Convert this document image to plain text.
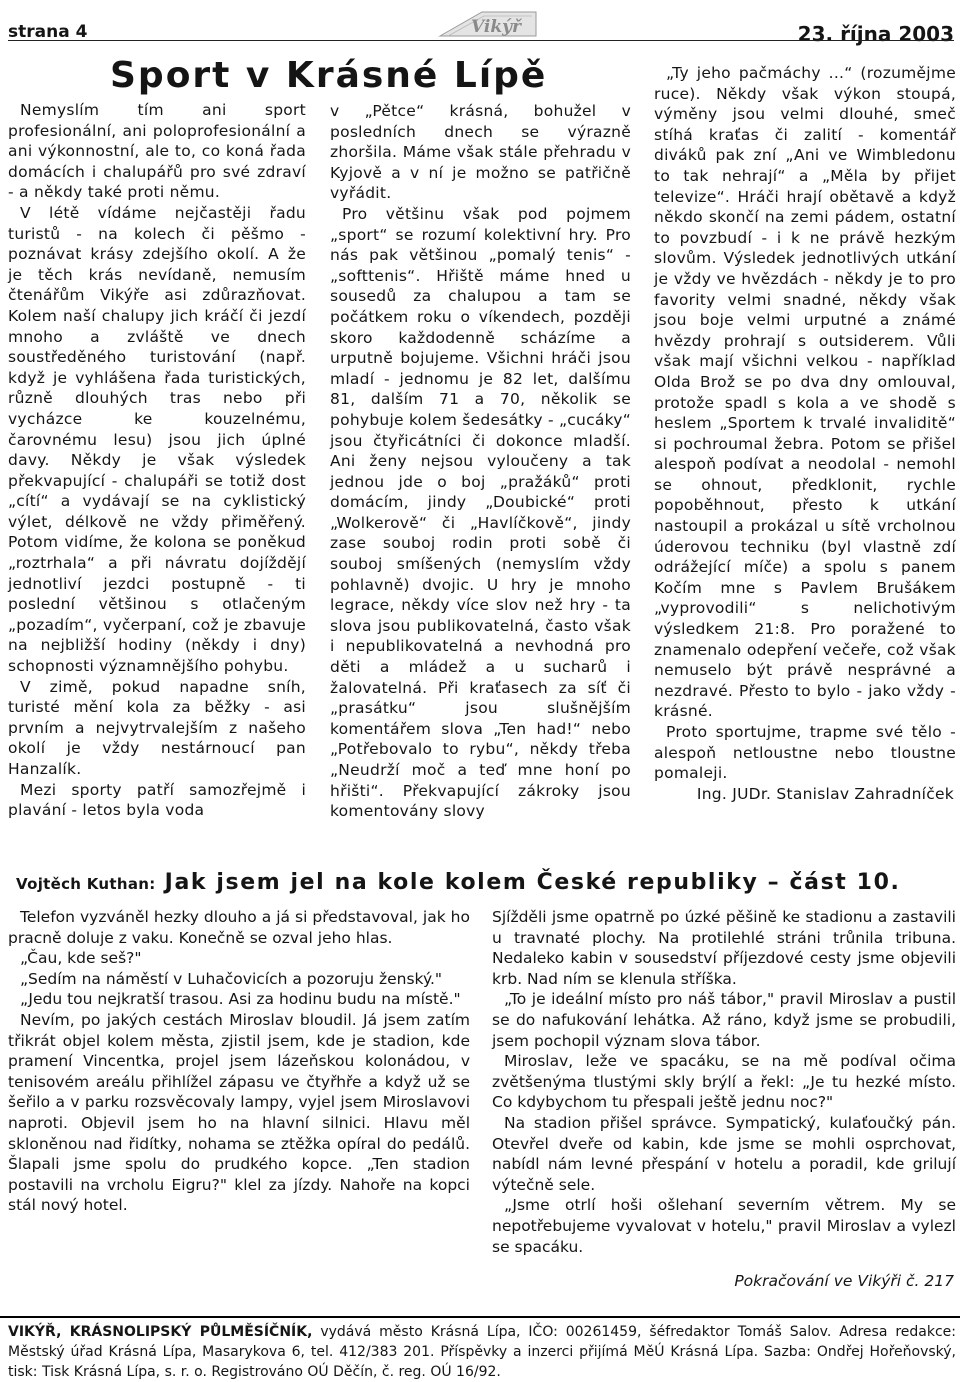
strana 4	Vikýř	23. října 2003
Sport v Krásné Lípě

Nemyslím tím ani sport profesionální, ani poloprofesionální a ani výkonnostní, ale to, co koná řada domácích i chalupářů pro své zdraví - a někdy také proti němu.

V létě vídáme nejčastěji řadu turistů - na kolech či pěšmo - poznávat krásy zdejšího okolí. A že je těch krás nevídaně, nemusím čtenářům Vikýře asi zdůrazňovat. Kolem naší chalupy jich kráčí či jezdí mnoho a zvláště ve dnech soustředěného turistování (např. když je vyhlášena řada turistických, různě dlouhých tras nebo při vycházce ke kouzelnému, čarovnému lesu) jsou jich úplné davy. Někdy je však výsledek překvapující - chalupáři se totiž dost „cítí“ a vydávají se na cyklistický výlet, délkově ne vždy přiměřený. Potom vidíme, že kolona se poněkud „roztrhala“ a při návratu dojíždějí jednotliví jezdci postupně - ti poslední většinou s otlačeným „pozadím“, vyčerpaní, což je zbavuje na nejbližší hodiny (někdy i dny) schopnosti významnějšího pohybu.

V zimě, pokud napadne sníh, turisté mění kola za běžky - asi prvním a nejvytrvalejším z našeho okolí je vždy nestárnoucí pan Hanzalík.

Mezi sporty patří samozřejmě i plavání - letos byla voda

v „Pětce“ krásná, bohužel v posledních dnech se výrazně zhoršila. Máme však stále přehradu v Kyjově a v ní je možno se patřičně vyřádit.

Pro většinu však pod pojmem „sport“ se rozumí kolektivní hry. Pro nás pak většinou „pomalý tenis“ - „softtenis“. Hřiště máme hned u sousedů za chalupou a tam se počátkem roku o víkendech, později skoro každodenně scházíme a urputně bojujeme. Všichni hráči jsou mladí - jednomu je 82 let, dalšímu 81, dalším 71 a 70, několik se pohybuje kolem šedesátky - „cucáky“ jsou čtyřicátníci či dokonce mladší. Ani ženy nejsou vyloučeny a tak jednou jde o boj „pražáků“ proti domácím, jindy „Doubické“ proti „Wolkerově“ či „Havlíčkově“, jindy zase souboj rodin proti sobě či souboj smíšených (nemyslím vždy pohlavně) dvojic. U hry je mnoho legrace, někdy více slov než hry - ta slova jsou publikovatelná, často však i nepublikovatelná a nevhodná pro děti a mládež a u sucharů i žalovatelná. Při kraťasech za síť či „prasátku“ jsou slušnějším komentářem slova „Ten had!“ nebo „Potřebovalo to rybu“, někdy třeba „Neudrží moč a teď mne honí po hřišti“. Překvapující zákroky jsou komentovány slovy

„Ty jeho pačmáchy ...“ (rozumějme ruce). Někdy však výkon stoupá, výměny jsou velmi dlouhé, smeč stíhá kraťas či zalití - komentář diváků pak zní „Ani ve Wimbledonu to tak nehrají“ a „Měla by přijet televize“. Hráči hrají obětavě a když někdo skončí na zemi pádem, ostatní to povzbudí - i k ne právě hezkým slovům. Výsledek jednotlivých utkání je vždy ve hvězdách - někdy je to pro favority velmi snadné, někdy však jsou boje velmi urputné a známé hvězdy prohrají s outsiderem. Vůli však mají všichni velkou - například Olda Brož se po dva dny omlouval, protože spadl s kola a ve shodě s heslem „Sportem k trvalé invaliditě“ si pochroumal žebra. Potom se přišel alespoň podívat a neodolal - nemohl se ohnout, předklonit, rychle popoběhnout, přesto k utkání nastoupil a prokázal u sítě vrcholnou úderovou techniku (byl vlastně zdí odrážející míče) a spolu s panem Kočím mne s Pavlem Brušákem „vyprovodili“ s nelichotivým výsledkem 21:8. Pro poražené to znamenalo odepření večeře, což však nemuselo být právě nesprávné a nezdravé. Přesto to bylo - jako vždy - krásné.

Proto sportujme, trapme své tělo - alespoň netloustne nebo tloustne pomaleji.

Ing. JUDr. Stanislav Zahradníček

Vojtěch Kuthan: Jak jsem jel na kole kolem České republiky – část 10.

Telefon vyzváněl hezky dlouho a já si představoval, jak ho pracně doluje z vaku. Konečně se ozval jeho hlas.

„Čau, kde seš?"

„Sedím na náměstí v Luhačovicích a pozoruju ženský."

„Jedu tou nejkratší trasou. Asi za hodinu budu na místě."

Nevím, po jakých cestách Miroslav bloudil. Já jsem zatím třikrát objel kolem města, zjistil jsem, kde je stadion, kde pramení Vincentka, projel jsem lázeňskou kolonádou, v tenisovém areálu přihlížel zápasu ve čtyřhře a když už se šeřilo a v parku rozsvěcovaly lampy, vyjel jsem Miroslavovi naproti. Objevil jsem ho na hlavní silnici. Hlavu měl skloněnou nad řidítky, nohama se ztěžka opíral do pedálů. Šlapali jsme spolu do prudkého kopce. „Ten stadion postavili na vrcholu Eigru?" klel za jízdy. Nahoře na kopci stál nový hotel.

Sjížděli jsme opatrně po úzké pěšině ke stadionu a zastavili u travnaté plochy. Na protilehlé stráni trůnila tribuna. Nedaleko kabin v sousedství příjezdové cesty jsme objevili krb. Nad ním se klenula stříška.

„To je ideální místo pro náš tábor," pravil Miroslav a pustil se do nafukování lehátka. Až ráno, když jsme se probudili, jsem pochopil význam slova tábor.

Miroslav, leže ve spacáku, se na mě podíval očima zvětšenýma tlustými skly brýlí a řekl: „Je tu hezké místo. Co kdybychom tu přespali ještě jednu noc?"

Na stadion přišel správce. Sympatický, kulaťoučký pán. Otevřel dveře od kabin, kde jsme se mohli osprchovat, nabídl nám levné přespání v hotelu a poradil, kde grilují výtečně sele.

„Jsme otrlí hoši ošlehaní severním větrem. My se nepotřebujeme vyvalovat v hotelu," pravil Miroslav a vylezl se spacáku.

Pokračování ve Vikýři č. 217

VIKÝŘ, KRÁSNOLIPSKÝ PŮLMĚSÍČNÍK, vydává město Krásná Lípa, IČO: 00261459, šéfredaktor Tomáš Salov. Adresa redakce: Městský úřad Krásná Lípa, Masarykova 6, tel. 412/383 201. Příspěvky a inzerci přijímá MěÚ Krásná Lípa. Sazba: Ondřej Hořeňovský, tisk: Tisk Krásná Lípa, s. r. o. Registrováno OÚ Děčín, č. reg. OÚ 16/92.
